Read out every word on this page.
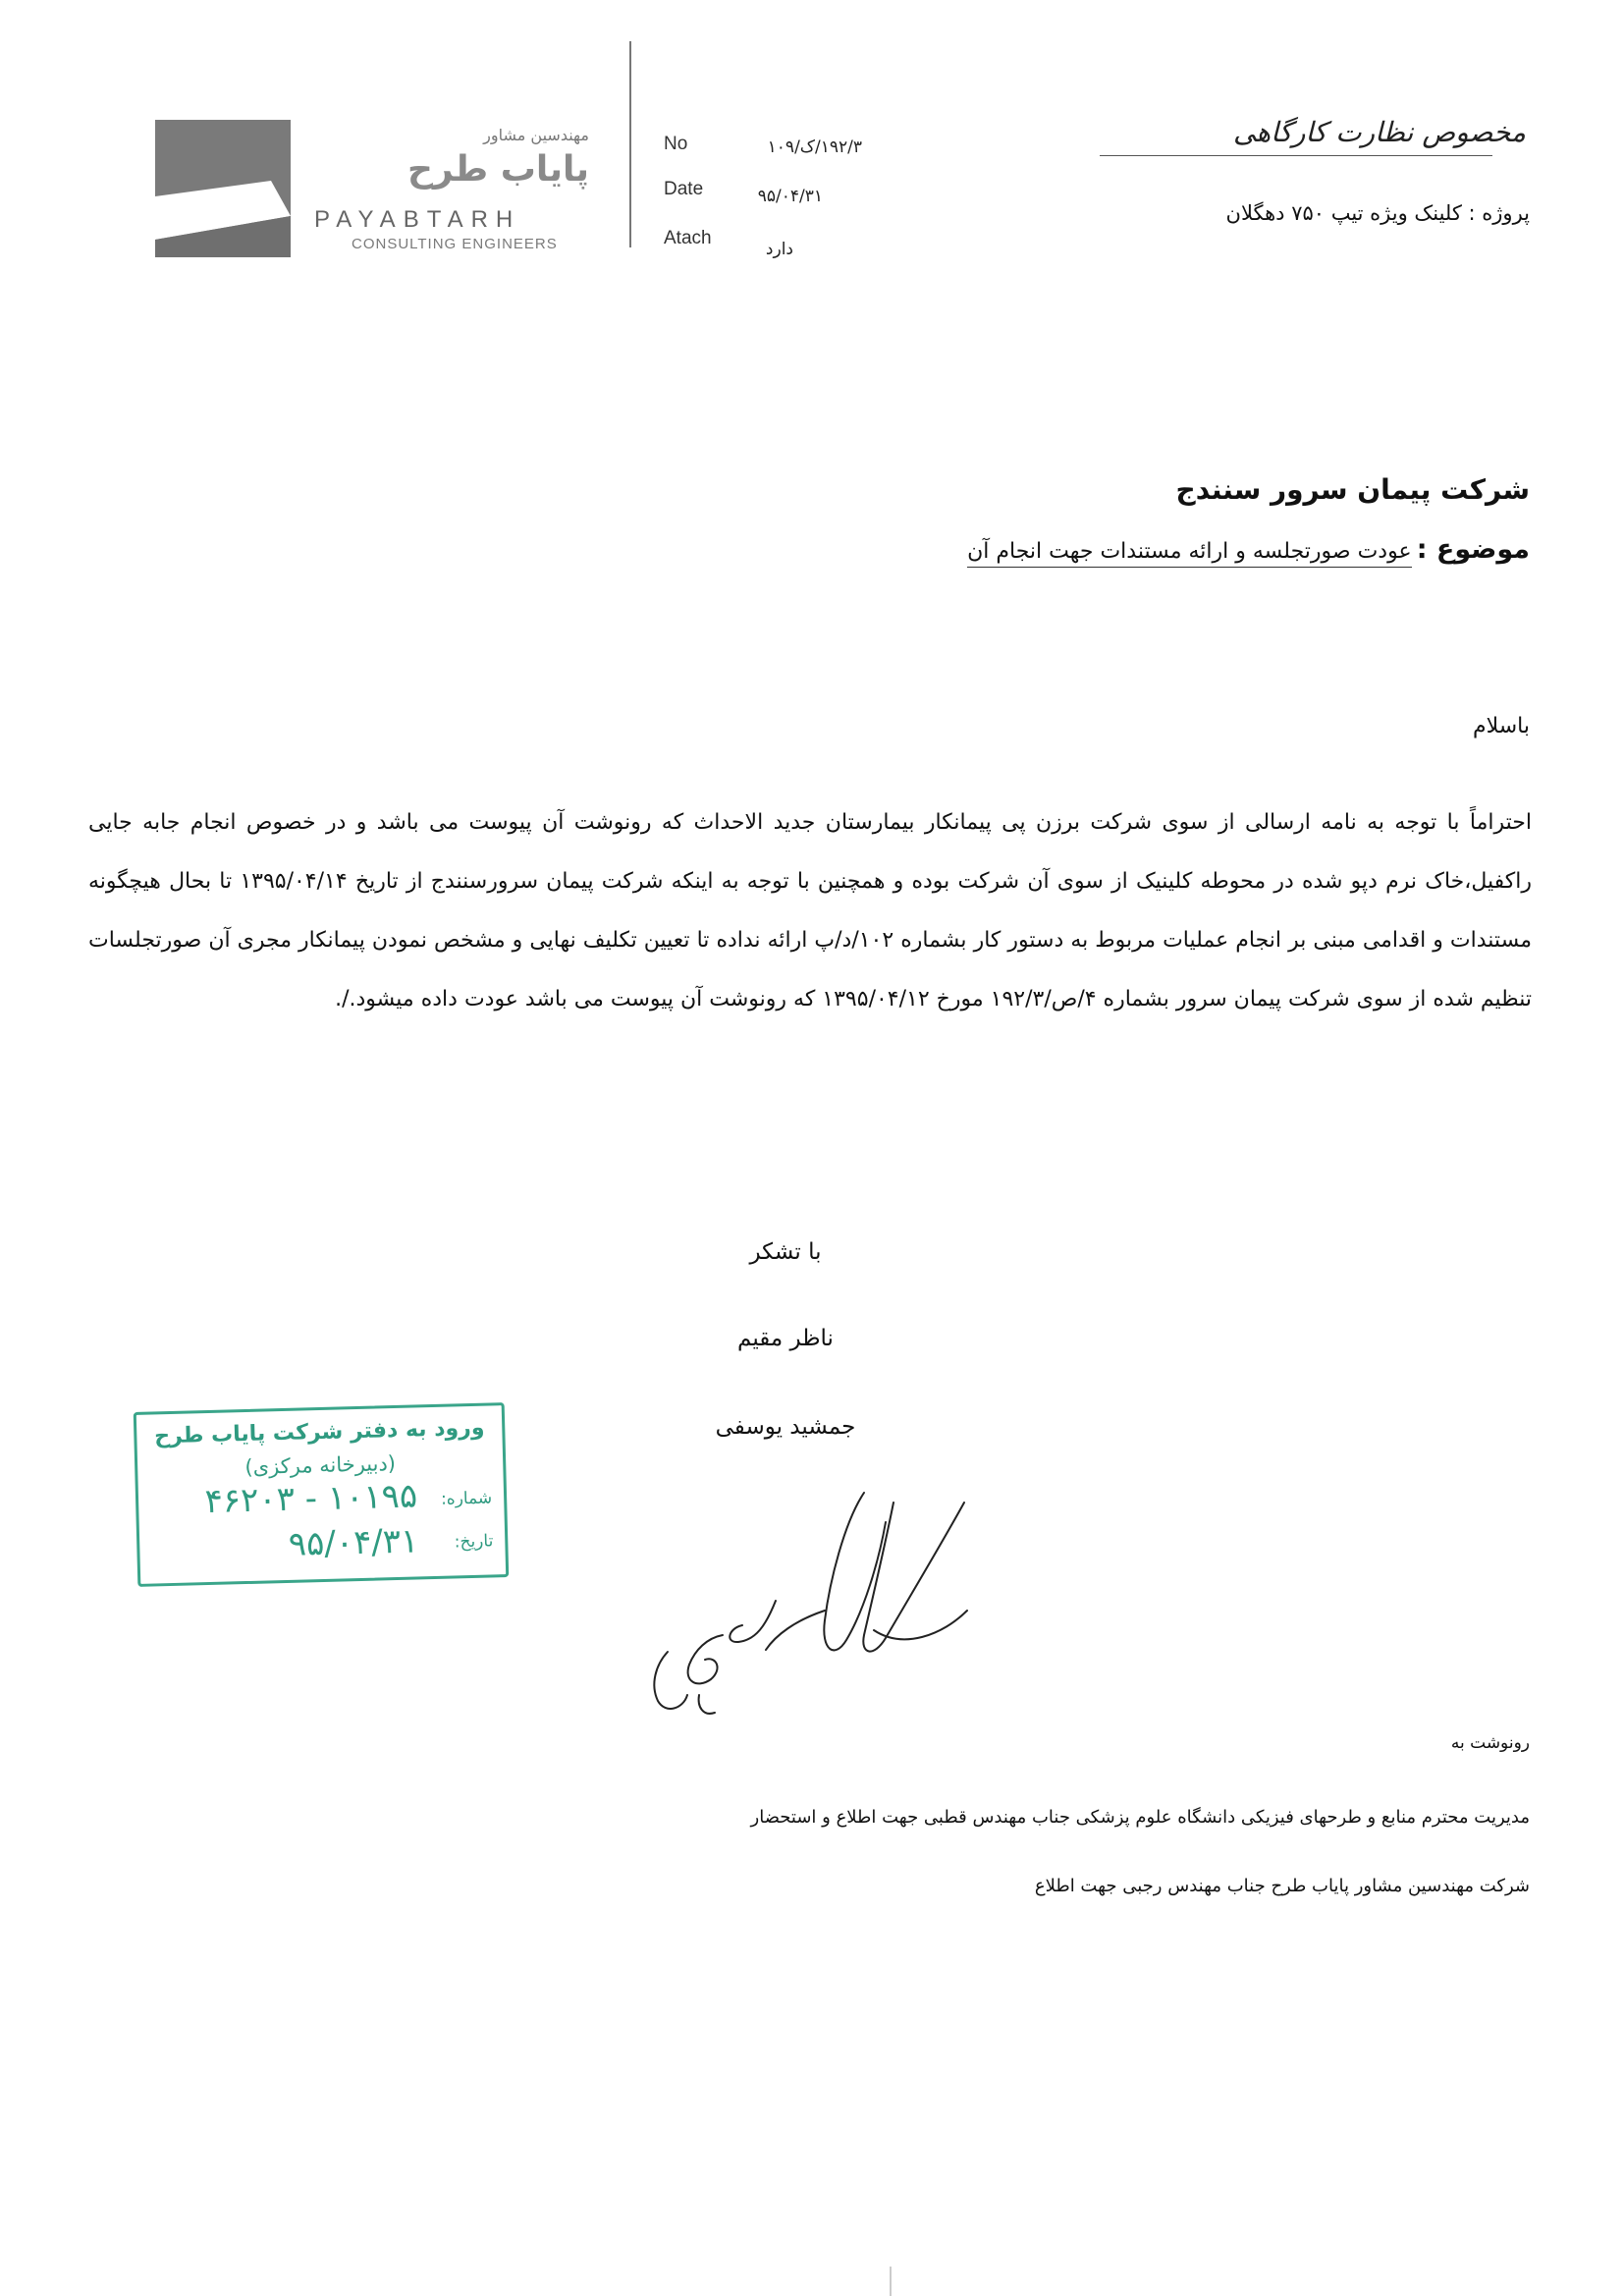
مهندسین مشاور
پایاب طرح
PAYABTARH
CONSULTING ENGINEERS
No	۱۹۲/۳/ک/۱۰۹
Date	۹۵/۰۴/۳۱
Atach
دارد
مخصوص نظارت کارگاهی
پروژه : کلینک ویژه تیپ ۷۵۰ دهگلان
شرکت پیمان سرور سنندج
موضوع : عودت صورتجلسه و ارائه مستندات جهت انجام آن
باسلام
احتراماً با توجه به نامه ارسالی از سوی شرکت برزن پی پیمانکار بیمارستان جدید الاحداث که رونوشت آن پیوست می باشد و در خصوص انجام جابه جایی راکفیل،خاک نرم دپو شده در محوطه کلینیک از سوی آن شرکت بوده و همچنین با توجه به اینکه شرکت پیمان سرورسنندج از تاریخ ۱۳۹۵/۰۴/۱۴ تا بحال هیچگونه مستندات و اقدامی مبنی بر انجام عملیات مربوط به دستور کار بشماره ۱۰۲/د/پ ارائه نداده تا تعیین تکلیف نهایی و مشخص نمودن پیمانکار مجری آن صورتجلسات تنظیم شده از سوی شرکت پیمان سرور بشماره ۴/ص/۱۹۲/۳ مورخ ۱۳۹۵/۰۴/۱۲ که رونوشت آن پیوست می باشد عودت داده میشود./.
با تشکر
ناظر مقیم
جمشید یوسفی
ورود به دفتر شرکت پایاب طرح
(دبیرخانه مرکزی)
شماره:
۱۰۱۹۵ - ۴۶۲۰۳
تاریخ:
۹۵/۰۴/۳۱
رونوشت به
مدیریت محترم منابع و طرحهای فیزیکی دانشگاه علوم پزشکی جناب مهندس قطبی جهت اطلاع و استحضار
شرکت مهندسین مشاور پایاب طرح جناب مهندس رجبی جهت اطلاع
